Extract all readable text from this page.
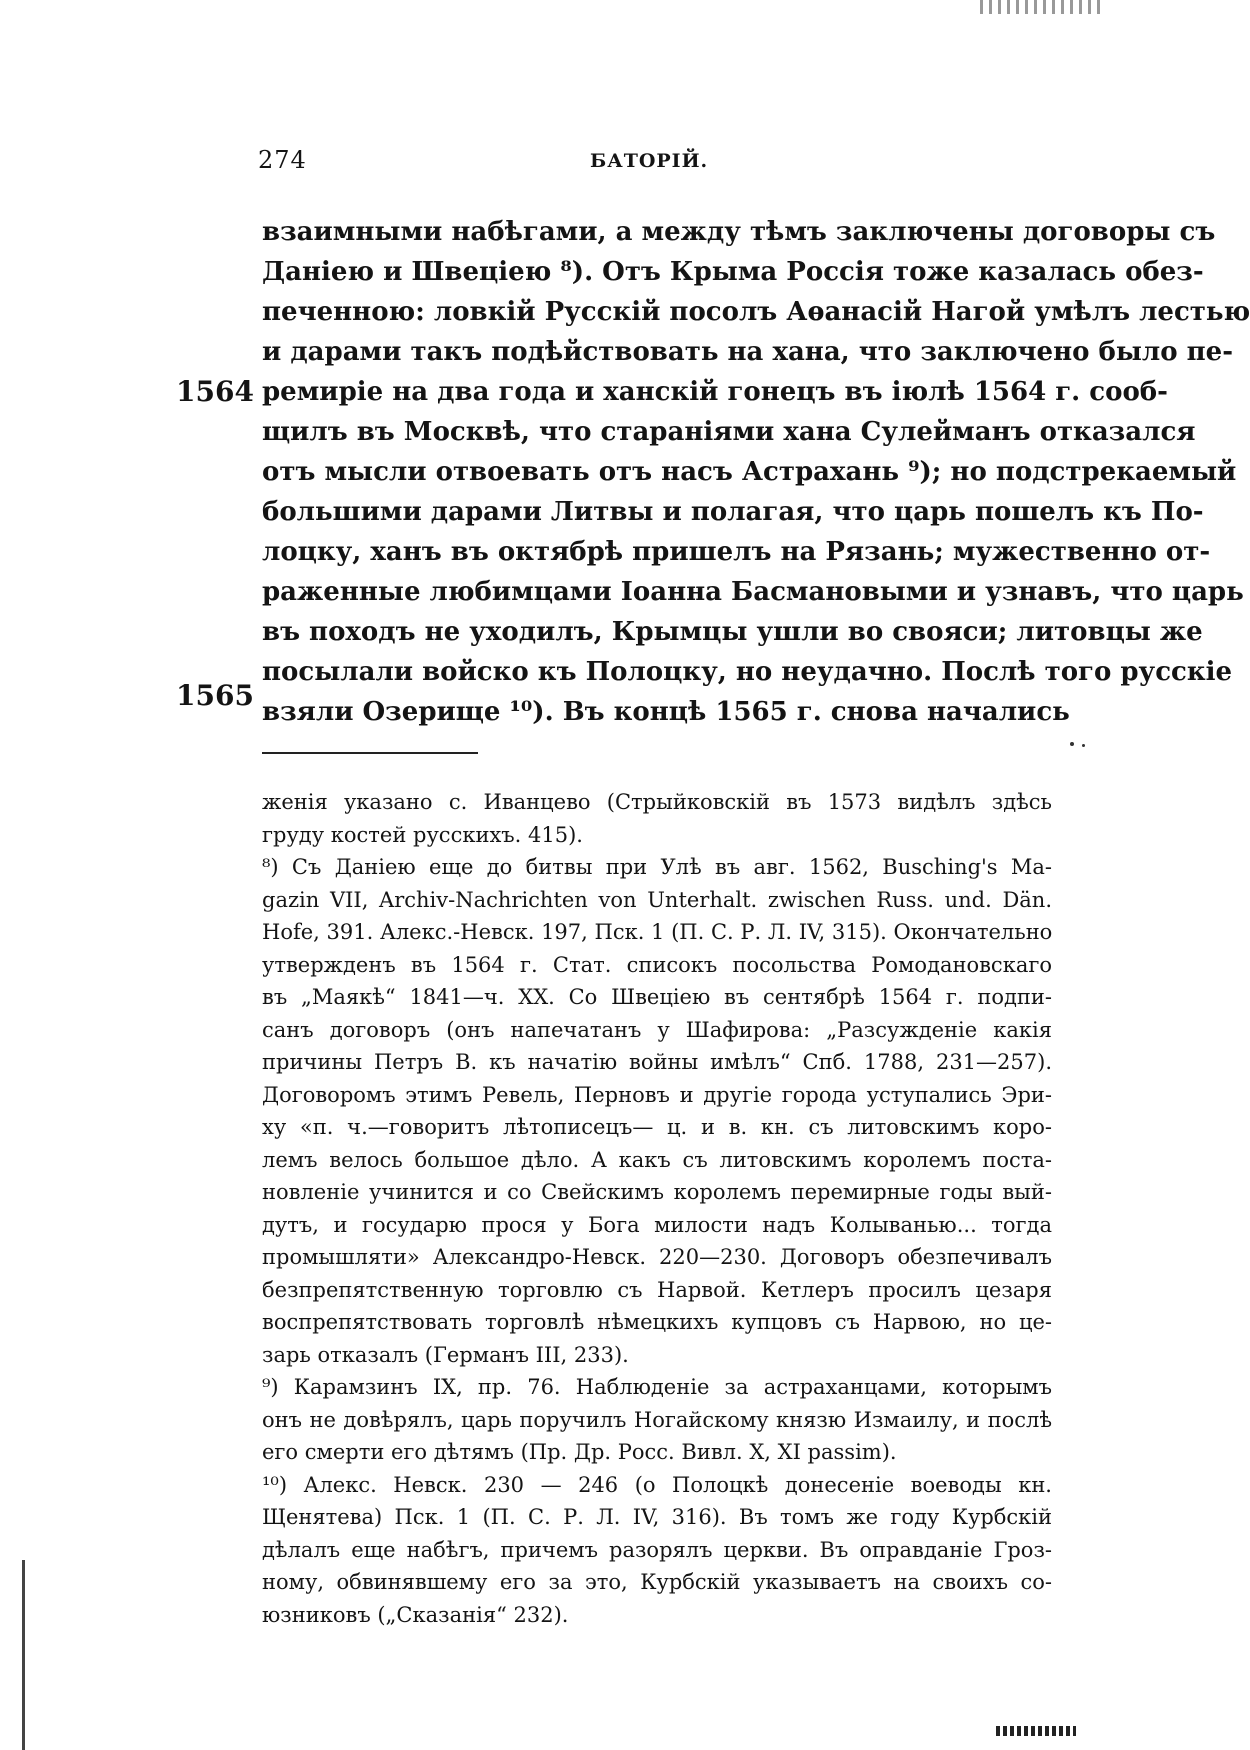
274	БАТОРІЙ.
1564
1565
взаимными набѣгами, а между тѣмъ заключены договоры съ
Даніею и Швеціею ⁸). Отъ Крыма Россія тоже казалась обез-
печенною: ловкій Русскій посолъ Аѳанасій Нагой умѣлъ лестью
и дарами такъ подѣйствовать на хана, что заключено было пе-
ремиріе на два года и ханскій гонецъ въ іюлѣ 1564 г. сооб-
щилъ въ Москвѣ, что стараніями хана Сулейманъ отказался
отъ мысли отвоевать отъ насъ Астрахань ⁹); но подстрекаемый
большими дарами Литвы и полагая, что царь пошелъ къ По-
лоцку, ханъ въ октябрѣ пришелъ на Рязань; мужественно от-
раженные любимцами Іоанна Басмановыми и узнавъ, что царь
въ походъ не уходилъ, Крымцы ушли во свояси; литовцы же
посылали войско къ Полоцку, но неудачно. Послѣ того русскіе
взяли Озерище ¹⁰). Въ концѣ 1565 г. снова начались
женія указано с. Иванцево (Стрыйковскій въ 1573 видѣлъ здѣсь
груду костей русскихъ. 415).
⁸) Съ Даніею еще до битвы при Улѣ въ авг. 1562, Busching's Ma-
gazin VII, Archiv-Nachrichten von Unterhalt. zwischen Russ. und. Dän.
Hofe, 391. Алекс.-Невск. 197, Пск. 1 (П. С. Р. Л. IV, 315). Окончательно
утвержденъ въ 1564 г. Стат. списокъ посольства Ромодановскаго
въ „Маякѣ“ 1841—ч. XX. Со Швеціею въ сентябрѣ 1564 г. подпи-
санъ договоръ (онъ напечатанъ у Шафирова: „Разсужденіе какія
причины Петръ В. къ начатію войны имѣлъ“ Спб. 1788, 231—257).
Договоромъ этимъ Ревель, Перновъ и другіе города уступались Эри-
ху «п. ч.—говоритъ лѣтописецъ— ц. и в. кн. съ литовскимъ коро-
лемъ велось большое дѣло. А какъ съ литовскимъ королемъ поста-
новленіе учинится и со Свейскимъ королемъ перемирные годы вый-
дутъ, и государю прося у Бога милости надъ Колыванью... тогда
промышляти» Александро-Невск. 220—230. Договоръ обезпечивалъ
безпрепятственную торговлю съ Нарвой. Кетлеръ просилъ цезаря
воспрепятствовать торговлѣ нѣмецкихъ купцовъ съ Нарвою, но це-
зарь отказалъ (Германъ III, 233).
⁹) Карамзинъ IX, пр. 76. Наблюденіе за астраханцами, которымъ
онъ не довѣрялъ, царь поручилъ Ногайскому князю Измаилу, и послѣ
его смерти его дѣтямъ (Пр. Др. Росс. Вивл. X, XI passim).
¹⁰) Алекс. Невск. 230 — 246 (о Полоцкѣ донесеніе воеводы кн.
Щенятева) Пск. 1 (П. С. Р. Л. IV, 316). Въ томъ же году Курбскій
дѣлалъ еще набѣгъ, причемъ разорялъ церкви. Въ оправданіе Гроз-
ному, обвинявшему его за это, Курбскій указываетъ на своихъ со-
юзниковъ („Сказанія“ 232).
